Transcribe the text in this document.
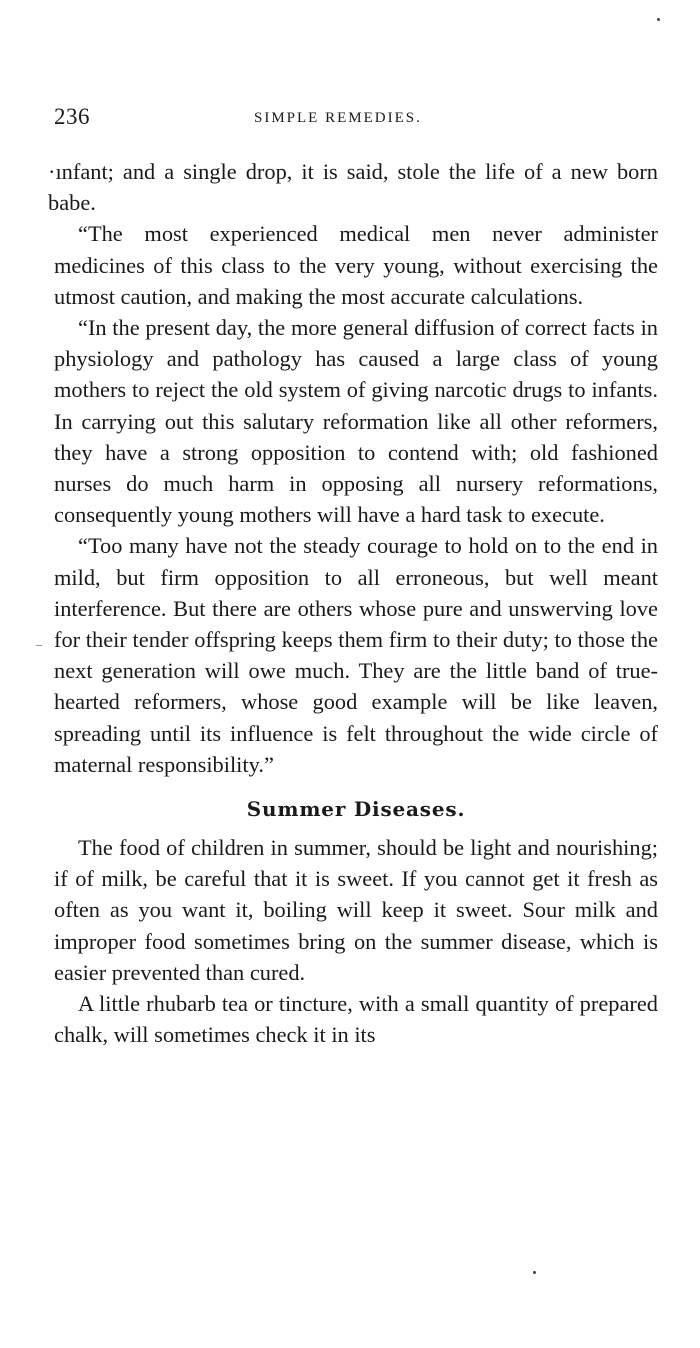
236	SIMPLE REMEDIES.

·ınfant; and a single drop, it is said, stole the life of a new born babe.

“The most experienced medical men never administer medicines of this class to the very young, without exercising the utmost caution, and making the most accurate calculations.

“In the present day, the more general diffusion of correct facts in physiology and pathology has caused a large class of young mothers to reject the old system of giving narcotic drugs to infants. In carrying out this salutary reformation like all other reformers, they have a strong opposition to contend with; old fashioned nurses do much harm in opposing all nursery reformations, consequently young mothers will have a hard task to execute.

“Too many have not the steady courage to hold on to the end in mild, but firm opposition to all erroneous, but well meant interference. But there are others whose pure and unswerving love for their tender offspring keeps them firm to their duty; to those the next generation will owe much. They are the little band of true-hearted reformers, whose good example will be like leaven, spreading until its influence is felt throughout the wide circle of maternal responsibility.”

Summer Diseases.

The food of children in summer, should be light and nourishing; if of milk, be careful that it is sweet. If you cannot get it fresh as often as you want it, boiling will keep it sweet. Sour milk and improper food sometimes bring on the summer disease, which is easier prevented than cured.

A little rhubarb tea or tincture, with a small quantity of prepared chalk, will sometimes check it in its
